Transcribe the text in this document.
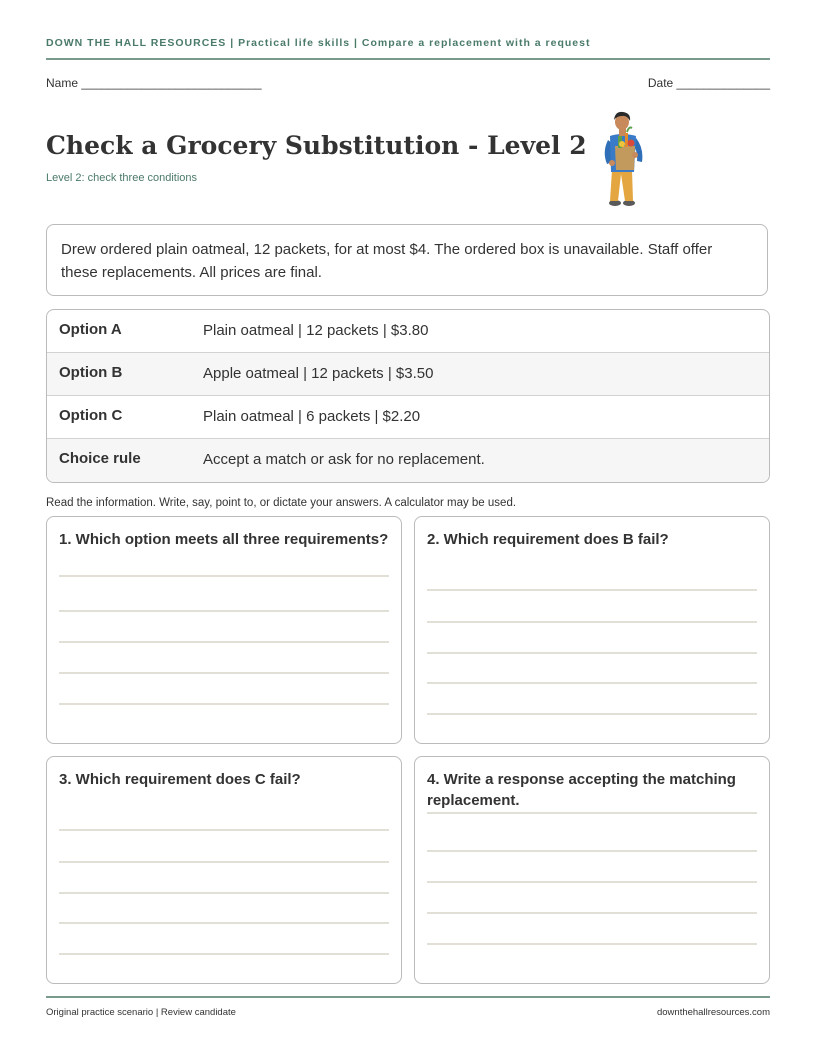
DOWN THE HALL RESOURCES | Practical life skills | Compare a replacement with a request
Name ___________________________	Date ______________
Check a Grocery Substitution - Level 2
Level 2: check three conditions
Drew ordered plain oatmeal, 12 packets, for at most $4. The ordered box is unavailable. Staff offer these replacements. All prices are final.
Option A	Plain oatmeal | 12 packets | $3.80
Option B	Apple oatmeal | 12 packets | $3.50
Option C	Plain oatmeal | 6 packets | $2.20
Choice rule	Accept a match or ask for no replacement.
Read the information. Write, say, point to, or dictate your answers. A calculator may be used.
1. Which option meets all three requirements?	2. Which requirement does B fail?
3. Which requirement does C fail?	4. Write a response accepting the matching replacement.
Original practice scenario | Review candidate	downthehallresources.com
